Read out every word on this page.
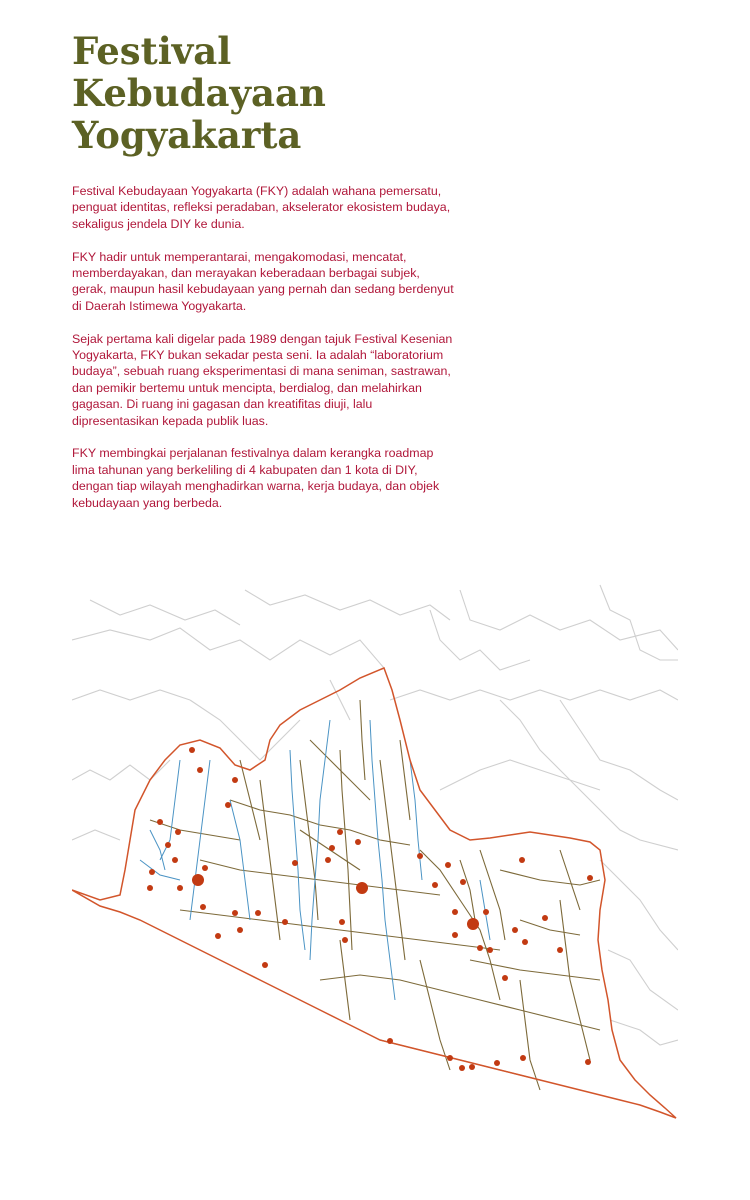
Festival
Kebudayaan
Yogyakarta

Festival Kebudayaan Yogyakarta (FKY) adalah wahana pemersatu, penguat identitas, refleksi peradaban, akselerator ekosistem budaya, sekaligus jendela DIY ke dunia.

FKY hadir untuk memperantarai, mengakomodasi, mencatat, memberdayakan, dan merayakan keberadaan berbagai subjek, gerak, maupun hasil kebudayaan yang pernah dan sedang berdenyut di Daerah Istimewa Yogyakarta.

Sejak pertama kali digelar pada 1989 dengan tajuk Festival Kesenian Yogyakarta, FKY bukan sekadar pesta seni. Ia adalah “laboratorium budaya”, sebuah ruang eksperimentasi di mana seniman, sastrawan, dan pemikir bertemu untuk mencipta, berdialog, dan melahirkan gagasan. Di ruang ini gagasan dan kreatifitas diuji, lalu dipresentasikan kepada publik luas.

FKY membingkai perjalanan festivalnya dalam kerangka roadmap lima tahunan yang berkeliling di 4 kabupaten dan 1 kota di DIY, dengan tiap wilayah menghadirkan warna, kerja budaya, dan objek kebudayaan yang berbeda.
